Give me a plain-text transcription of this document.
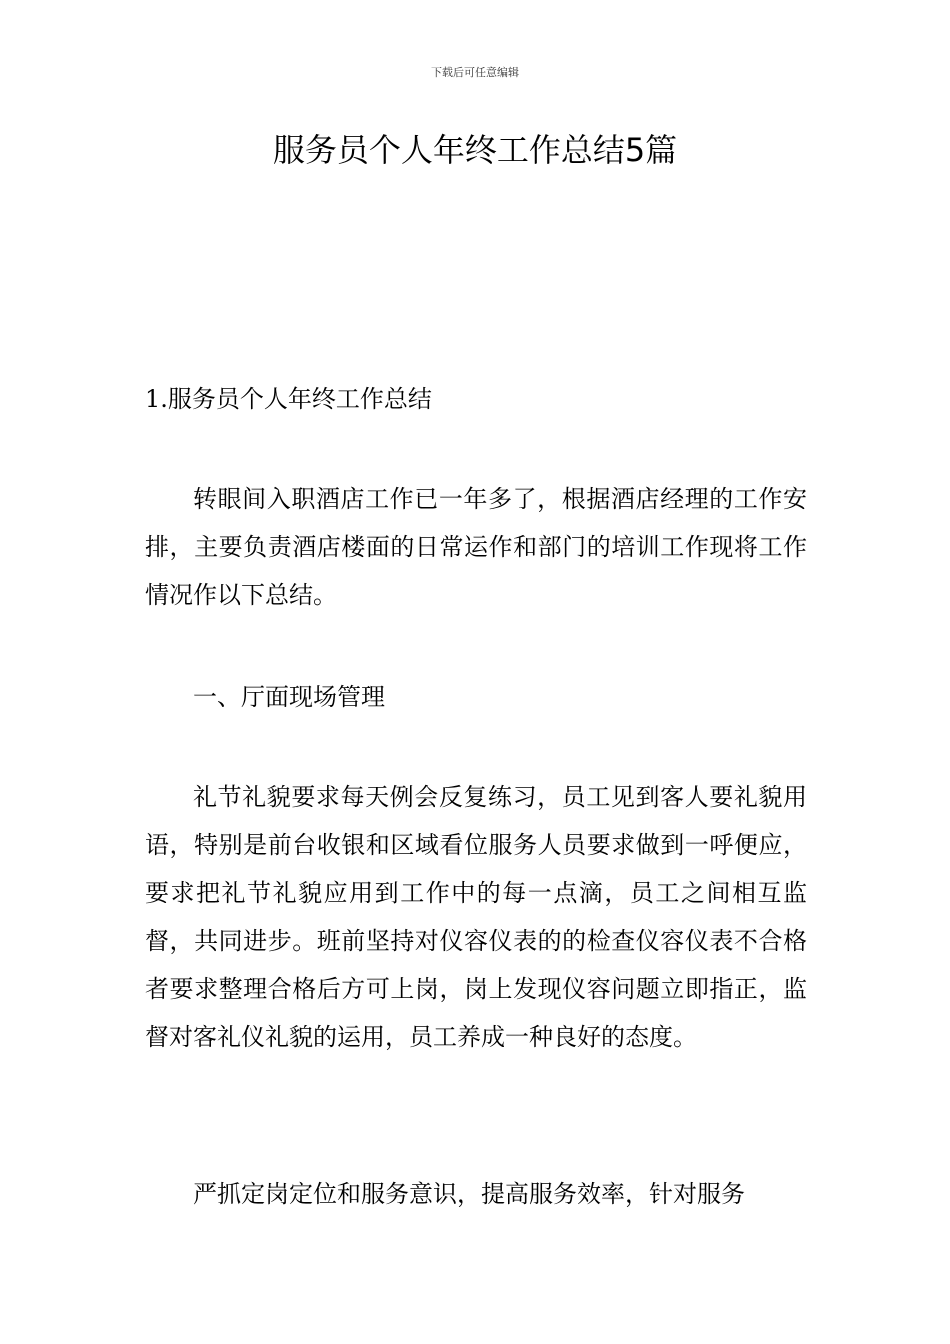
下载后可任意编辑
服务员个人年终工作总结5篇
1.服务员个人年终工作总结

转眼间入职酒店工作已一年多了，根据酒店经理的工作安排，主要负责酒店楼面的日常运作和部门的培训工作现将工作情况作以下总结。

一、厅面现场管理

礼节礼貌要求每天例会反复练习，员工见到客人要礼貌用语，特别是前台收银和区域看位服务人员要求做到一呼便应，要求把礼节礼貌应用到工作中的每一点滴，员工之间相互监督，共同进步。班前坚持对仪容仪表的的检查仪容仪表不合格者要求整理合格后方可上岗，岗上发现仪容问题立即指正，监督对客礼仪礼貌的运用，员工养成一种良好的态度。

严抓定岗定位和服务意识，提高服务效率，针对服务
